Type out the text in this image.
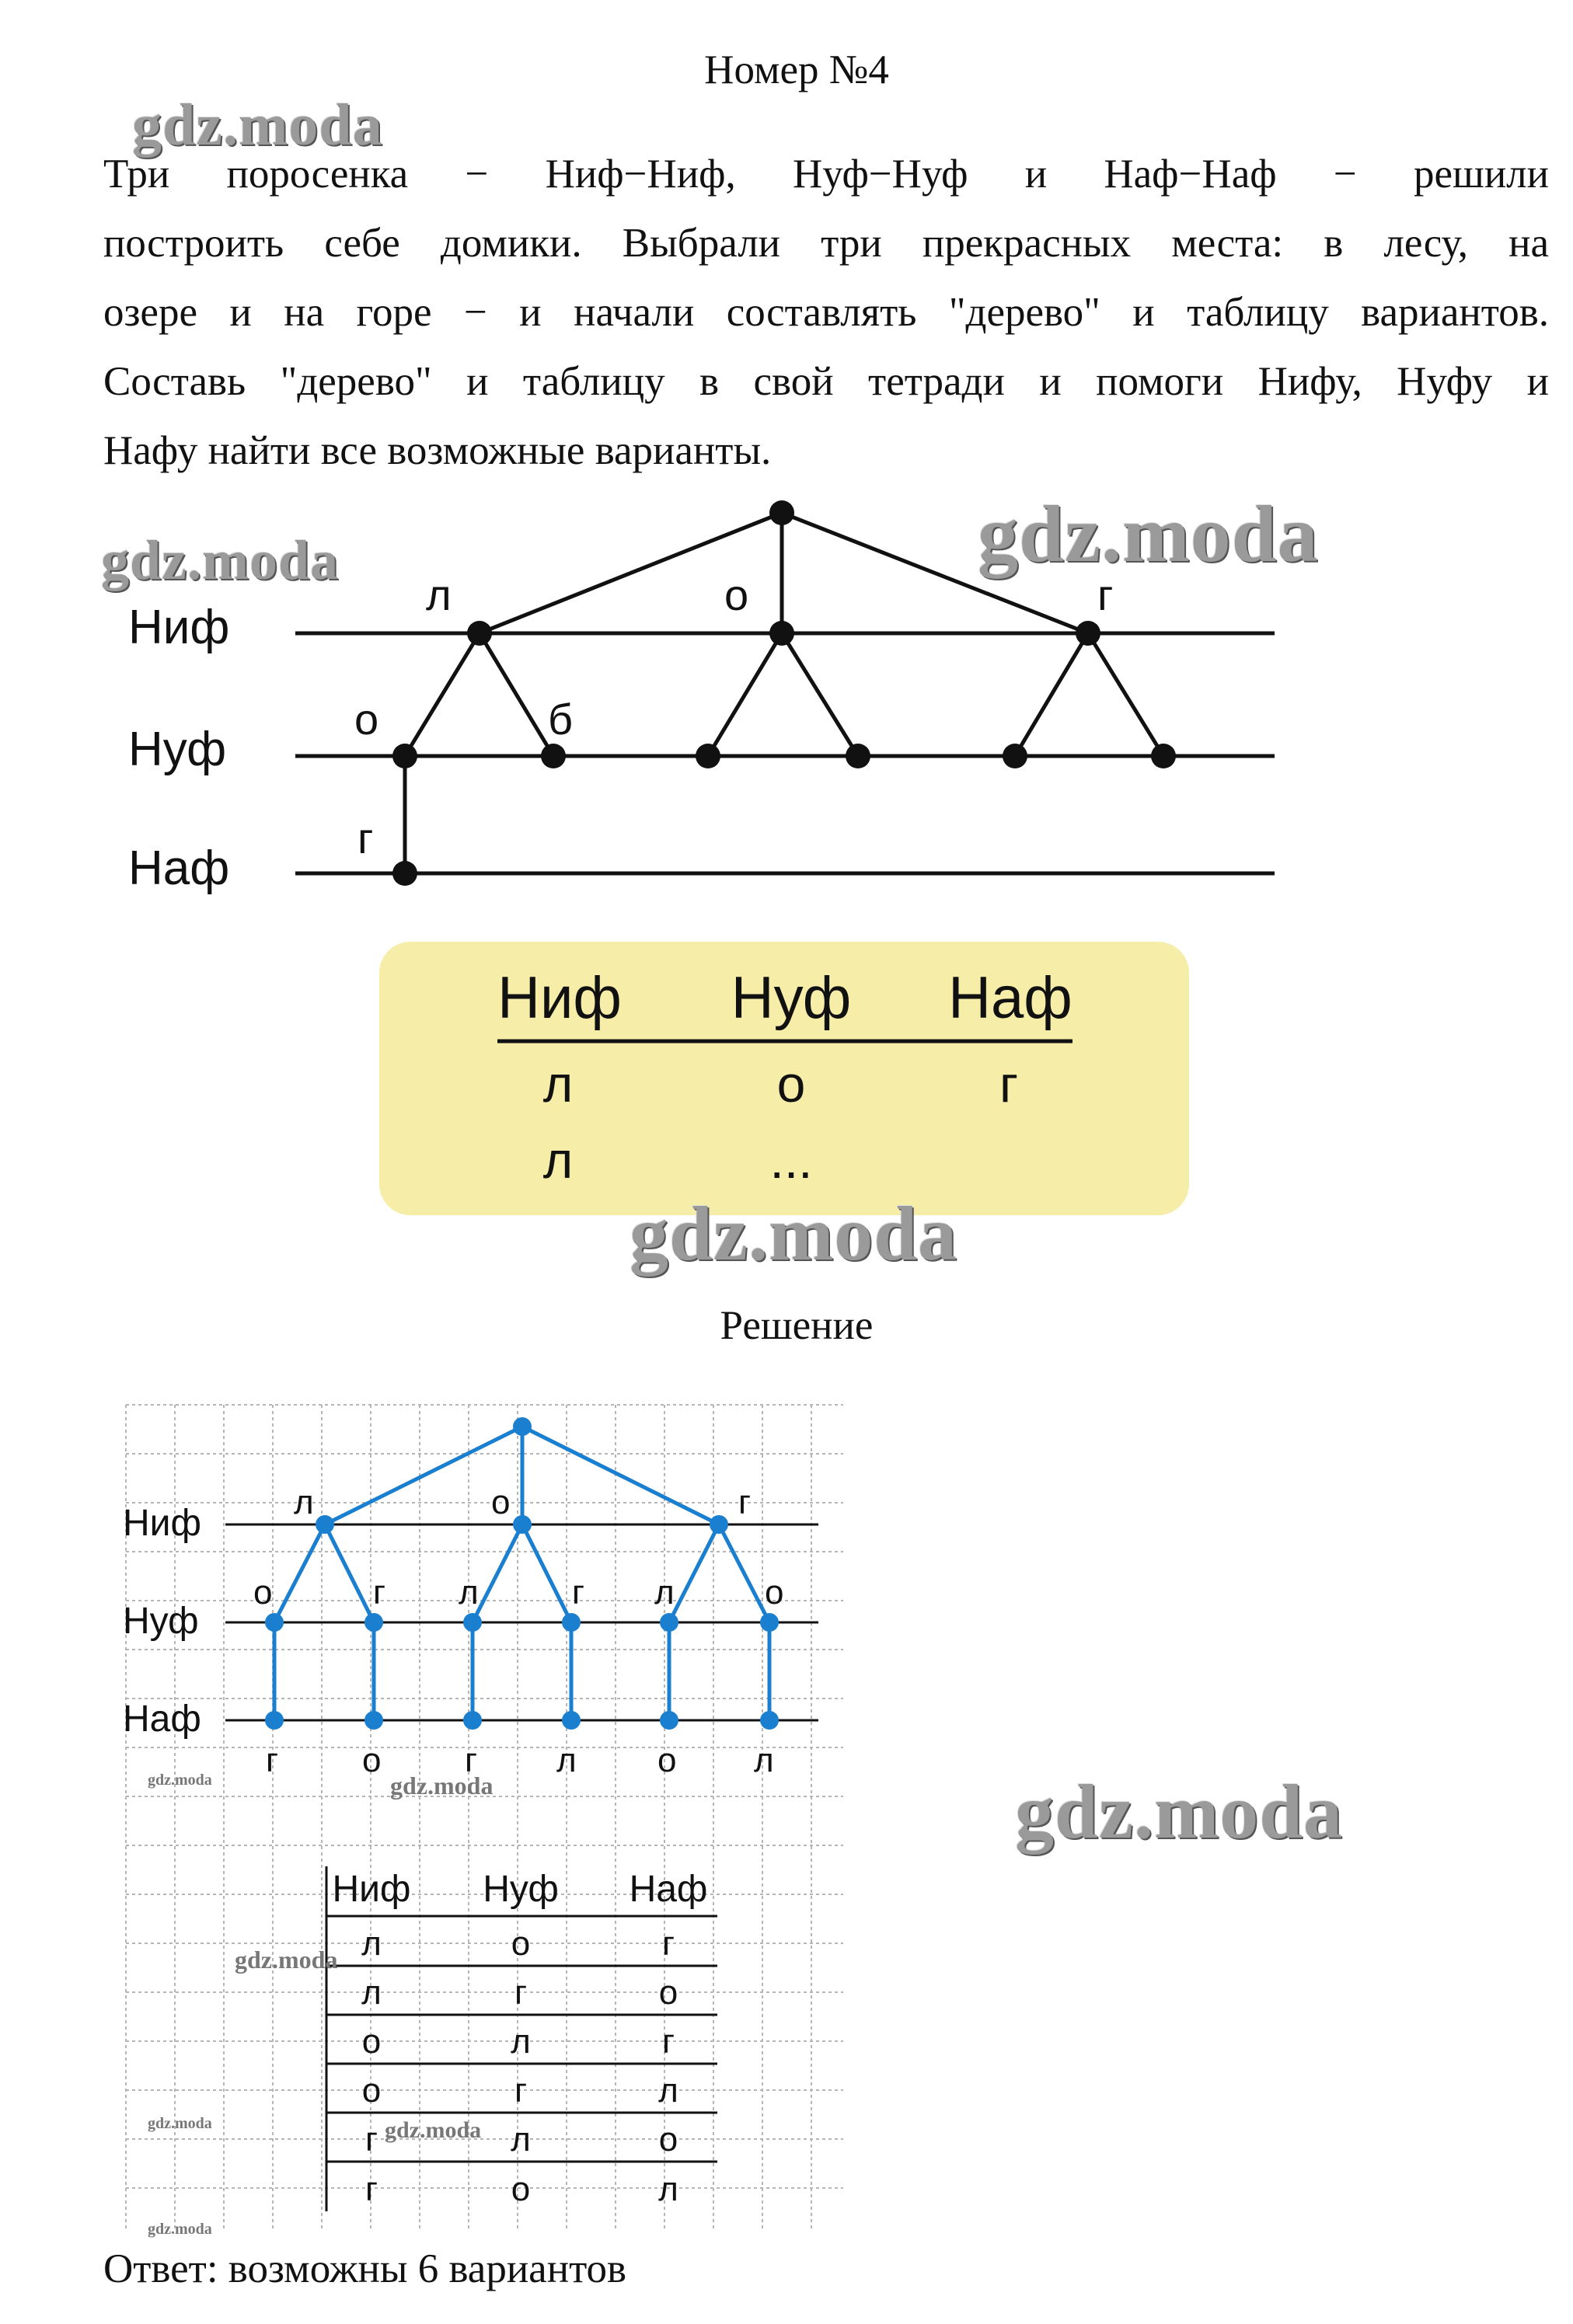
Номер №4
Три поросенка − Ниф−Ниф, Нуф−Нуф и Наф−Наф − решили
построить себе домики. Выбрали три прекрасных места: в лесу, на
озере и на горе − и начали составлять "дерево" и таблицу вариантов.
Составь "дерево" и таблицу в свой тетради и помоги Нифу, Нуфу и
Нафу найти все возможные варианты.
Ниф
Нуф
Наф
л	о	г
о	б
г
Ниф Нуф Наф
л	о	г
л	...
Ниф
Нуф
Наф
л	о	г
о	г л	г л	о
г о г л о л
Ниф Нуф Наф
л	о	г
л	г	о
о	л	г
о	г	л
г	л	о
г	о	л
gdz.moda
gdz.moda	gdz.moda
gdz.moda
gdz.moda
gdz.moda
gdz.moda
gdz.moda
gdz.moda
gdz.moda
gdz.moda
Решение
Ответ: возможны 6 вариантов
